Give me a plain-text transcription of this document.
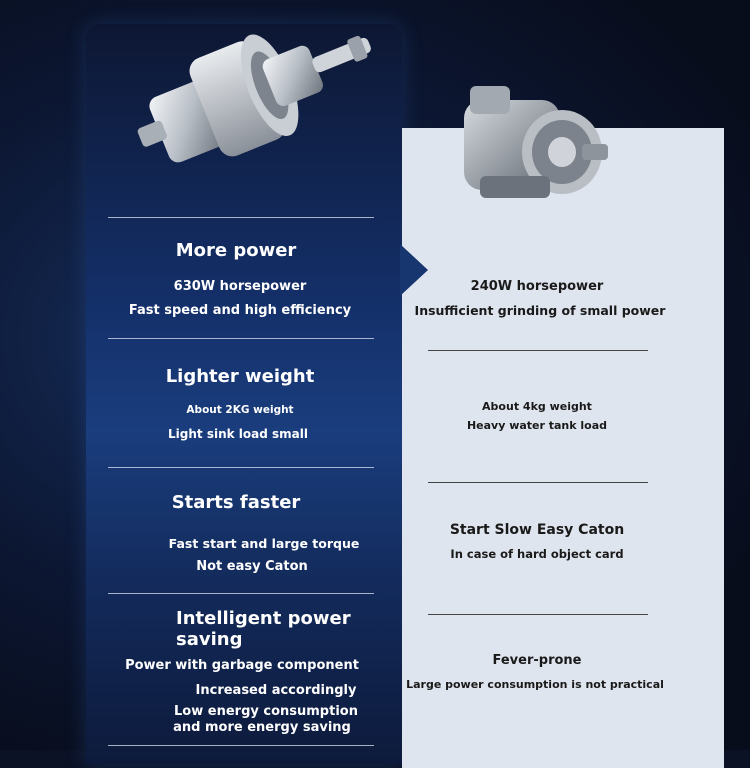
More power
630W horsepower
Fast speed and high efficiency
Lighter weight
About 2KG weight
Light sink load small
Starts faster
Fast start and large torque
Not easy Caton
Intelligent power
saving
Power with garbage component
Increased accordingly
Low energy consumption
and more energy saving
240W horsepower
Insufficient grinding of small power
About 4kg weight
Heavy water tank load
Start Slow Easy Caton
In case of hard object card
Fever-prone
Large power consumption is not practical
